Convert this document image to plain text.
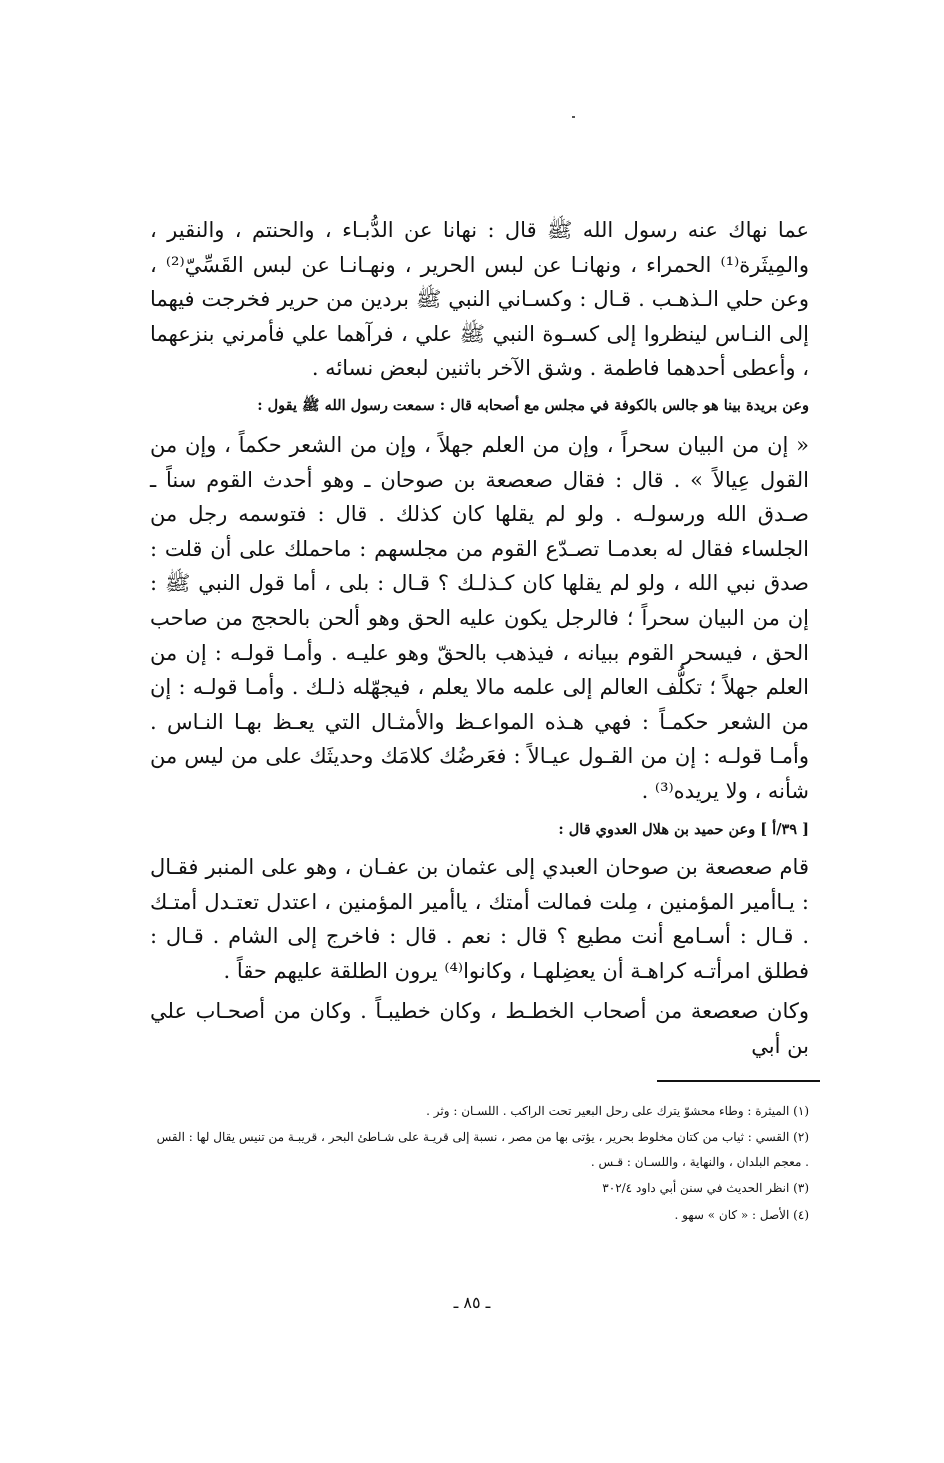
عما نهاك عنه رسول الله ﷺ قال : نهانا عن الدُّبـاء ، والحنتم ، والنقير ، والمِيثَرة⁽¹⁾ الحمراء ، ونهانـا عن لبس الحرير ، ونهـانـا عن لبس القَسِّيّ⁽²⁾ ، وعن حلي الـذهـب . قـال : وكسـاني النبي ﷺ بردين من حرير فخرجت فيهما إلى النـاس لينظروا إلى كسـوة النبي ﷺ علي ، فرآهما علي فأمرني بنزعهما ، وأعطى أحدهما فاطمة . وشق الآخر باثنين لبعض نسائه .

وعن بريدة بينا هو جالس بالكوفة في مجلس مع أصحابه قال : سمعت رسول الله ﷺ يقول :

« إن من البيان سحراً ، وإن من العلم جهلاً ، وإن من الشعر حكماً ، وإن من القول عِيالاً » . قال : فقال صعصعة بن صوحان ـ وهو أحدث القوم سناً ـ صـدق الله ورسولـه . ولو لم يقلها كان كذلك . قال : فتوسمه رجل من الجلساء فقال له بعدمـا تصـدّع القوم من مجلسهم : ماحملك على أن قلت : صدق نبي الله ، ولو لم يقلها كان كـذلـك ؟ قـال : بلى ، أما قول النبي ﷺ : إن من البيان سحراً ؛ فالرجل يكون عليه الحق وهو ألحن بالحجج من صاحب الحق ، فيسحر القوم ببيانه ، فيذهب بالحقّ وهو عليـه . وأمـا قولـه : إن من العلم جهلاً ؛ تكلُّف العالم إلى علمه مالا يعلم ، فيجهّله ذلـك . وأمـا قولـه : إن من الشعر حكمـاً : فهي هـذه المواعـظ والأمثـال التي يعـظ بهـا النـاس . وأمـا قولـه : إن من القـول عيـالاً : فعَرضُك كلامَك وحديثَك على من ليس من شأنه ، ولا يريده⁽³⁾ .

[ ٣٩/أ ] وعن حميد بن هلال العدوي قال :

قام صعصعة بن صوحان العبدي إلى عثمان بن عفـان ، وهو على المنبر فقـال : يـاأمير المؤمنين ، مِلت فمالت أمتك ، ياأمير المؤمنين ، اعتدل تعتـدل أمتـك . قـال : أسـامع أنت مطيع ؟ قال : نعم . قال : فاخرج إلى الشام . قـال : فطلق امرأتـه كراهـة أن يعضِلهـا ، وكانوا⁽⁴⁾ يرون الطلقة عليهم حقاً .

وكان صعصعة من أصحاب الخطـط ، وكان خطيبـاً . وكان من أصحـاب علي بن أبي

(١) الميثرة : وطاء محشوّ يترك على رحل البعير تحت الراكب . اللسـان : وثر .

(٢) القسي : ثياب من كتان مخلوط بحرير ، يؤتى بها من مصر ، نسبة إلى قريـة على شـاطئ البحر ، قريبـة من تنيس يقال لها : القس . معجم البلدان ، والنهاية ، واللسـان : قـس .

(٣) انظر الحديث في سنن أبي داود ٣٠٢/٤

(٤) الأصل : « كان » سهو .

ـ ٨٥ ـ
